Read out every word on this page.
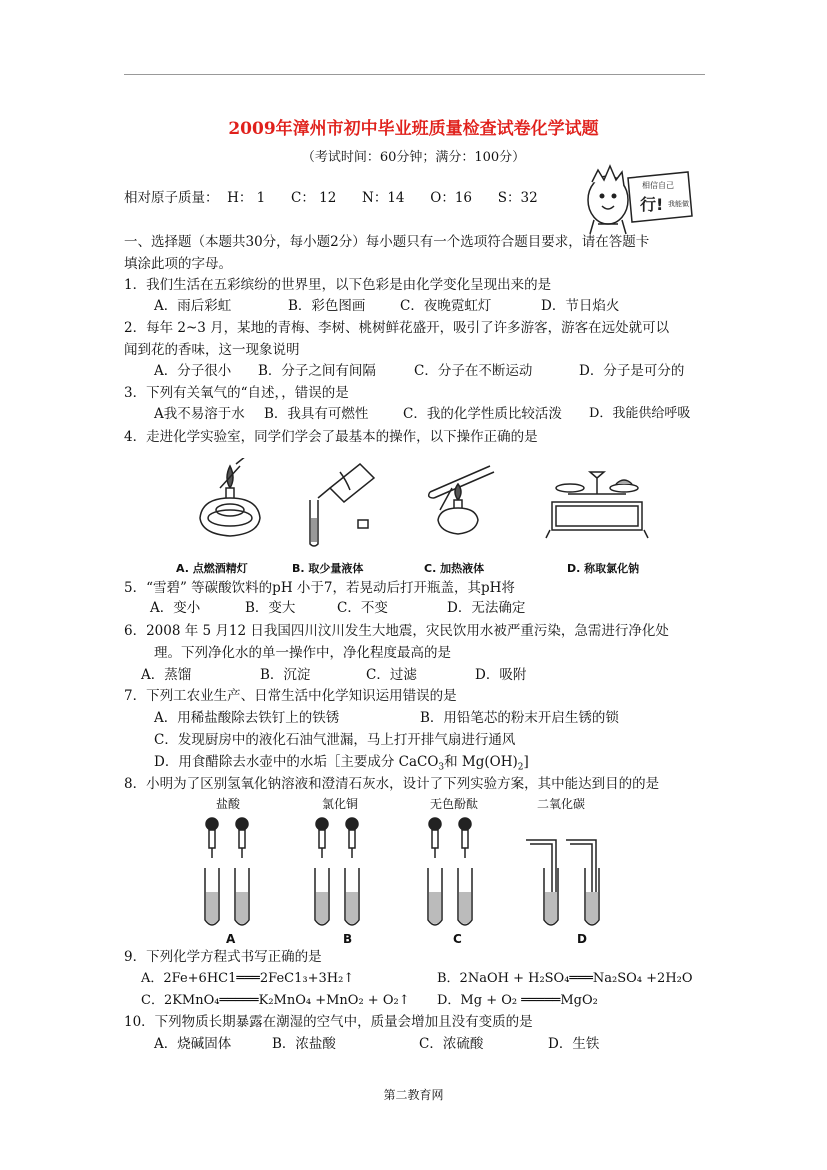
2009年漳州市初中毕业班质量检查试卷化学试题
（考试时间：60分钟；满分：100分）
相对原子质量：  H： 1      C： 12      N：14      O：16      S：32
相信自己
行! 我能做
一、选择题（本题共30分，每小题2分）每小题只有一个选项符合题目要求，请在答题卡
填涂此项的字母。
1．我们生活在五彩缤纷的世界里，以下色彩是由化学变化呈现出来的是
A．雨后彩虹	B．彩色图画	C．夜晚霓虹灯	D．节日焰火
2．每年 2~3 月，某地的青梅、李树、桃树鲜花盛开，吸引了许多游客，游客在远处就可以
闻到花的香味，这一现象说明
A．分子很小 B．分子之间有间隔	C．分子在不断运动	D．分子是可分的
3．下列有关氧气的“自述，，错误的是
A我不易溶于水 B．我具有可燃性	C．我的化学性质比较活泼 D．我能供给呼吸
4．走进化学实验室，同学们学会了最基本的操作，以下操作正确的是
A. 点燃酒精灯	B. 取少量液体	C. 加热液体	D. 称取氯化钠
5．“雪碧” 等碳酸饮料的pH 小于7，若晃动后打开瓶盖，其pH将
A．变小	B．变大	C．不变	D．无法确定
6．2008 年 5 月12 日我国四川汶川发生大地震，灾民饮用水被严重污染，急需进行净化处
理。下列净化水的单一操作中，净化程度最高的是
A．蒸馏	B．沉淀	C．过滤	D．吸附
7．下列工农业生产、日常生活中化学知识运用错误的是
A．用稀盐酸除去铁钉上的铁锈	B．用铅笔芯的粉末开启生锈的锁
C．发现厨房中的液化石油气泄漏，马上打开排气扇进行通风
D．用食醋除去水壶中的水垢［主要成分 CaCO$_3$和 $Mg(OH)_2$]
8．小明为了区别氢氧化钠溶液和澄清石灰水，设计了下列实验方案，其中能达到目的的是
盐酸	氯化铜	无色酚酞	二氧化碳
A	B	C	D
9．下列化学方程式书写正确的是
A．2Fe+6HC1═══2FeC1₃+3H₂↑	B．2NaOH + H₂SO₄═══Na₂SO₄ +2H₂O
C．2KMnO₄═════K₂MnO₄ +MnO₂ + O₂↑ D．Mg + O₂ ═════MgO₂
10．下列物质长期暴露在潮湿的空气中，质量会增加且没有变质的是
A．烧碱固体	B．浓盐酸	C．浓硫酸	D．生铁
第二教育网
